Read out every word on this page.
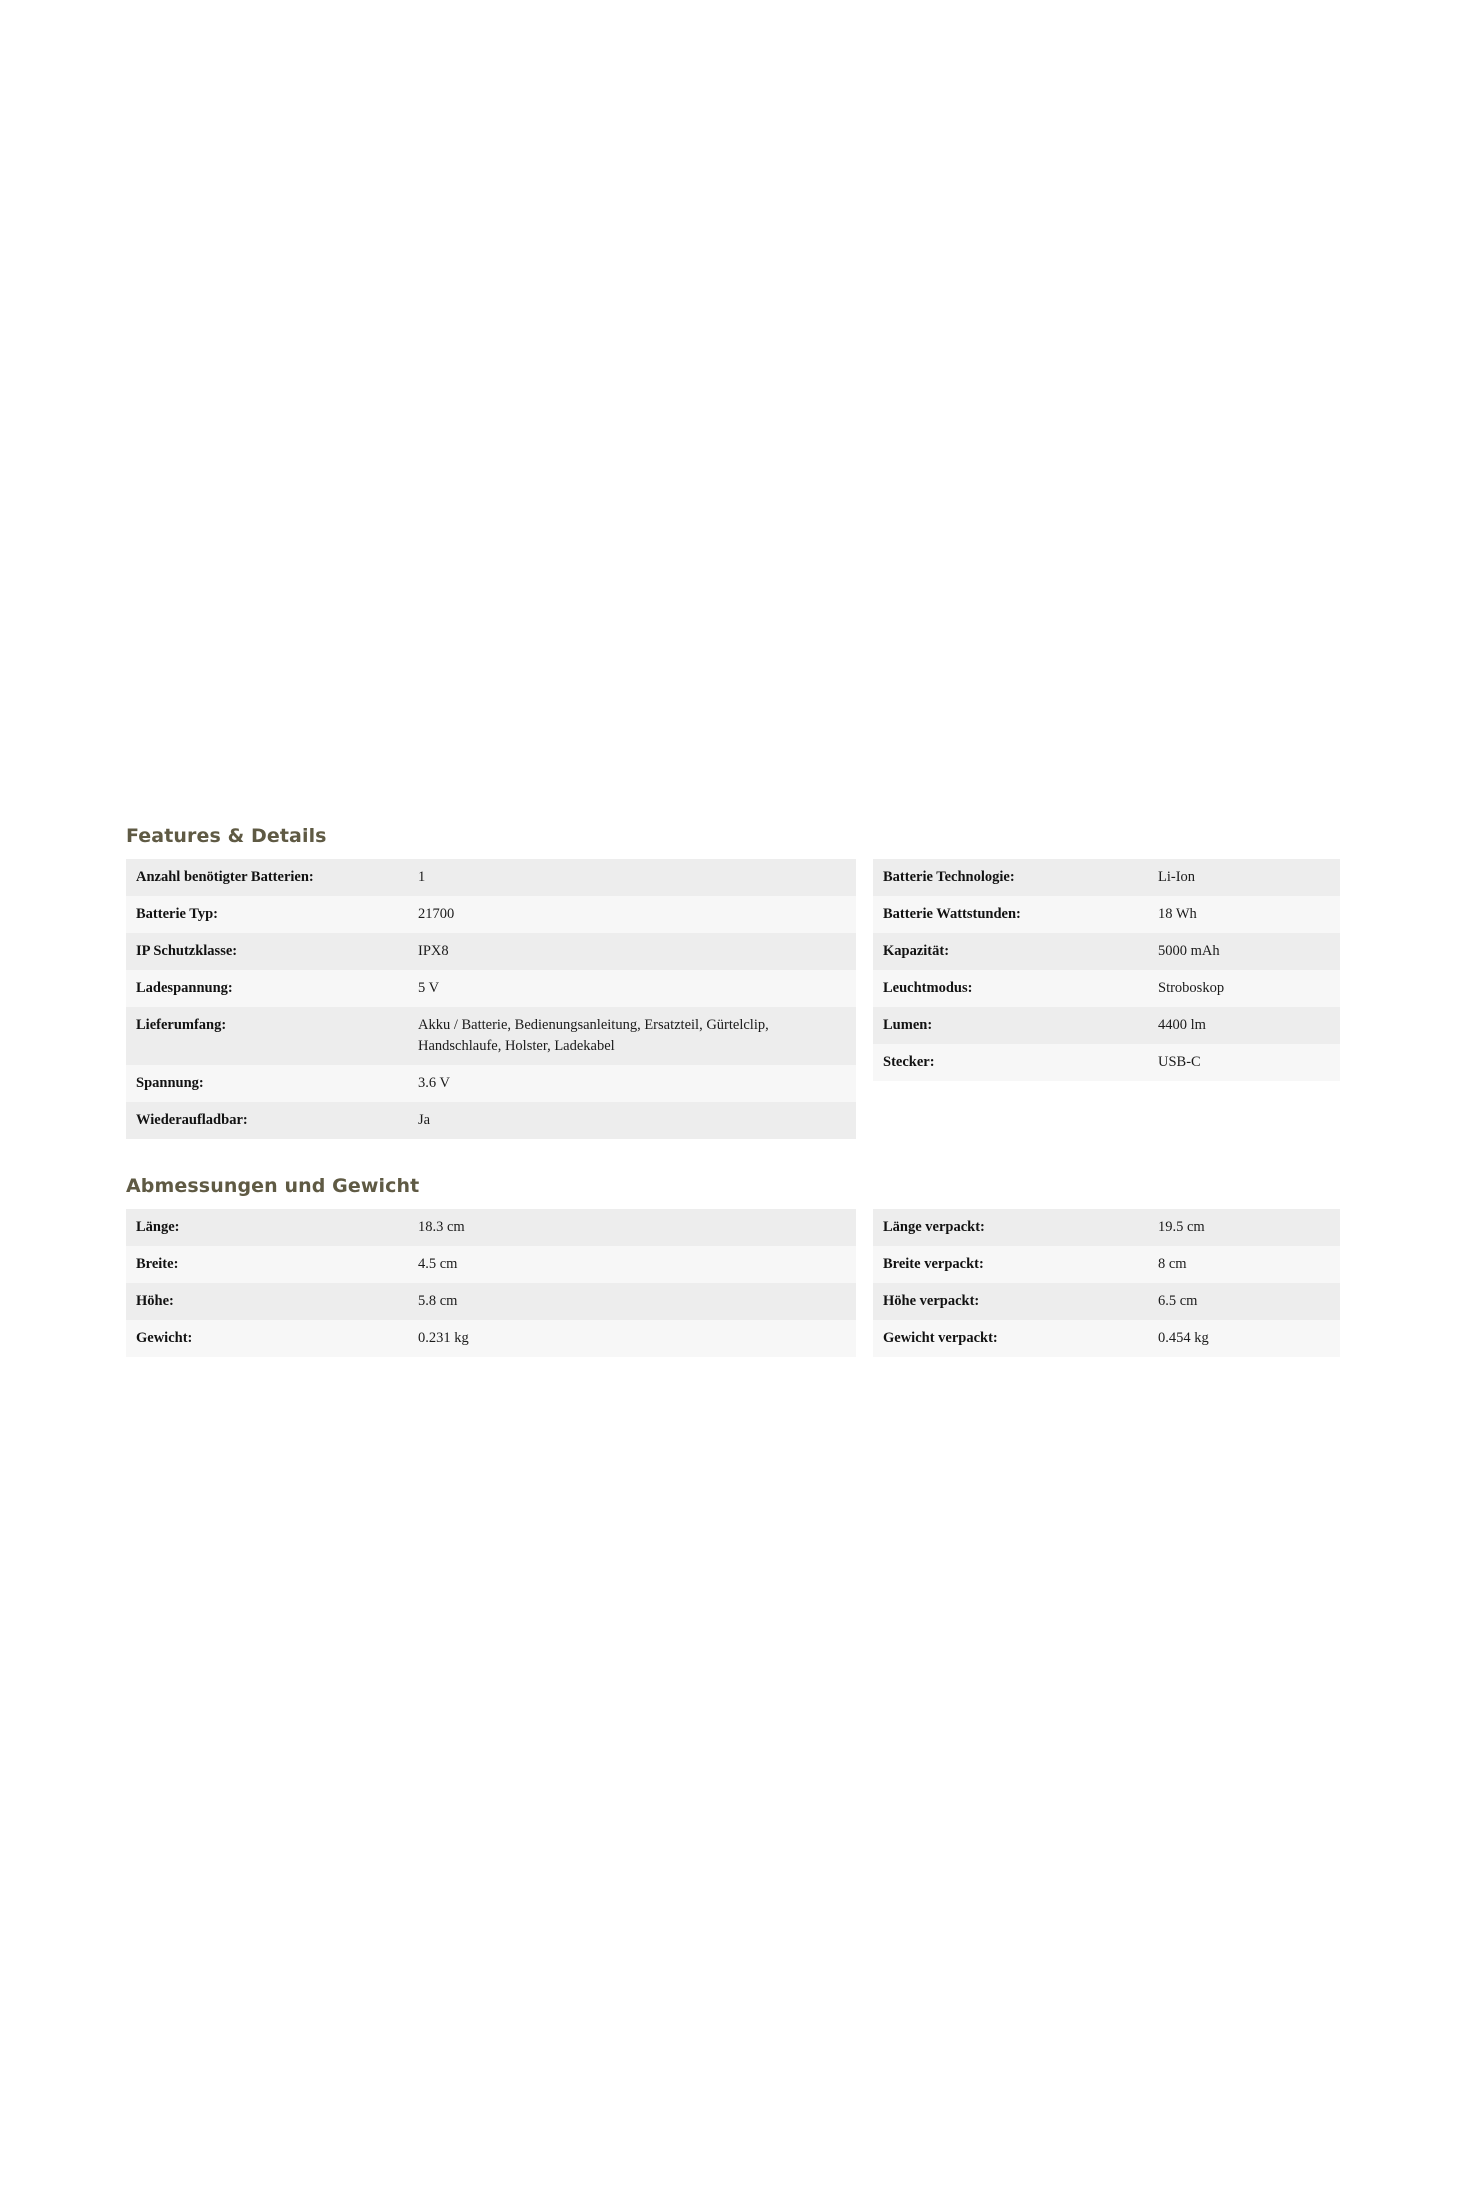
Features & Details
Anzahl benötigter Batterien:	1
Batterie Typ:	21700
IP Schutzklasse:	IPX8
Ladespannung:	5 V
Lieferumfang:	Akku / Batterie, Bedienungsanleitung, Ersatzteil, Gürtelclip, Handschlaufe, Holster, Ladekabel
Spannung:	3.6 V
Wiederaufladbar:	Ja
Batterie Technologie:	Li-Ion
Batterie Wattstunden:	18 Wh
Kapazität:	5000 mAh
Leuchtmodus:	Stroboskop
Lumen:	4400 lm
Stecker:	USB-C
Abmessungen und Gewicht
Länge:	18.3 cm
Breite:	4.5 cm
Höhe:	5.8 cm
Gewicht:	0.231 kg
Länge verpackt:	19.5 cm
Breite verpackt:	8 cm
Höhe verpackt:	6.5 cm
Gewicht verpackt:	0.454 kg
